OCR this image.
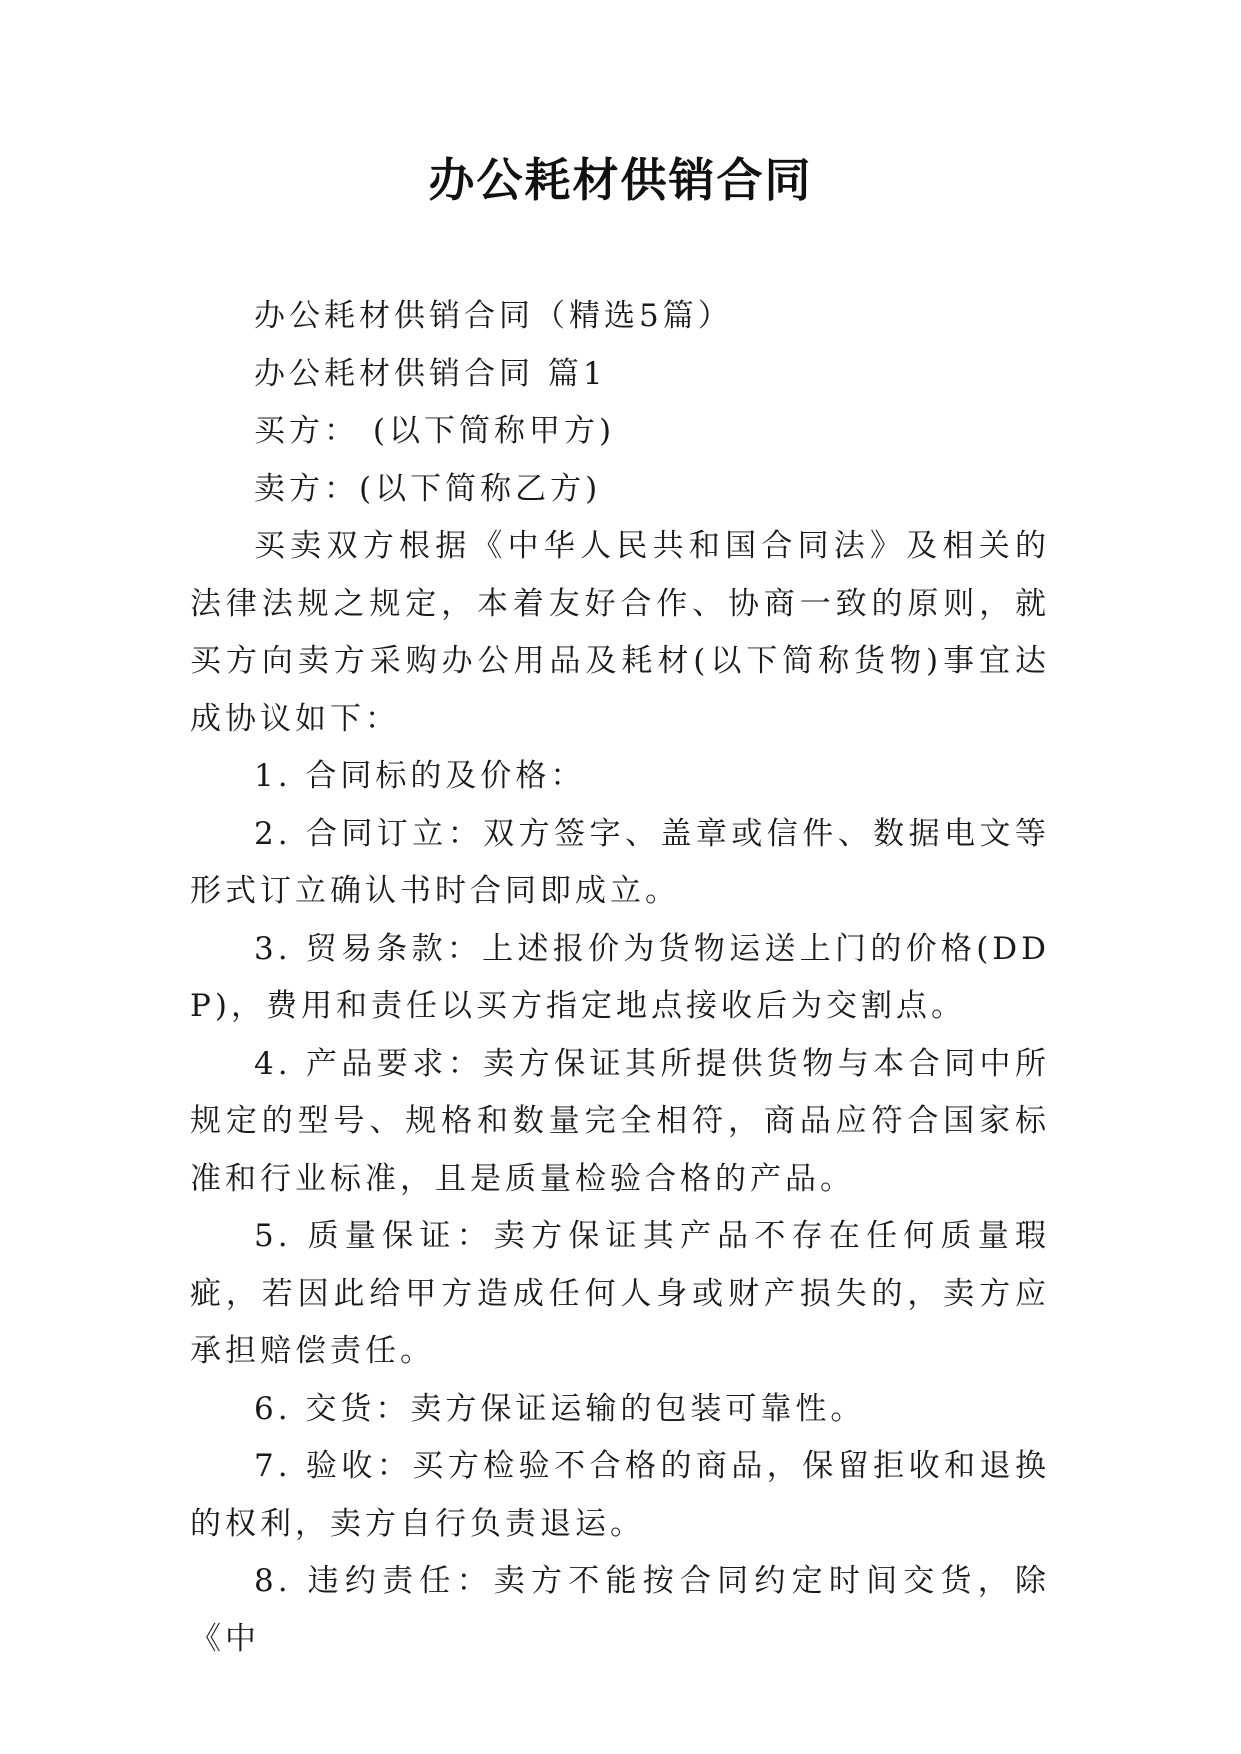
办公耗材供销合同

办公耗材供销合同（精选5篇）

办公耗材供销合同 篇1

买方： (以下简称甲方)

卖方：(以下简称乙方)

买卖双方根据《中华人民共和国合同法》及相关的法律法规之规定，本着友好合作、协商一致的原则，就买方向卖方采购办公用品及耗材(以下简称货物)事宜达成协议如下：

1. 合同标的及价格：

2. 合同订立：双方签字、盖章或信件、数据电文等形式订立确认书时合同即成立。

3. 贸易条款：上述报价为货物运送上门的价格(DDP)，费用和责任以买方指定地点接收后为交割点。

4. 产品要求：卖方保证其所提供货物与本合同中所规定的型号、规格和数量完全相符，商品应符合国家标准和行业标准，且是质量检验合格的产品。

5. 质量保证：卖方保证其产品不存在任何质量瑕疵，若因此给甲方造成任何人身或财产损失的，卖方应承担赔偿责任。

6. 交货：卖方保证运输的包装可靠性。

7. 验收：买方检验不合格的商品，保留拒收和退换的权利，卖方自行负责退运。

8. 违约责任：卖方不能按合同约定时间交货，除《中
